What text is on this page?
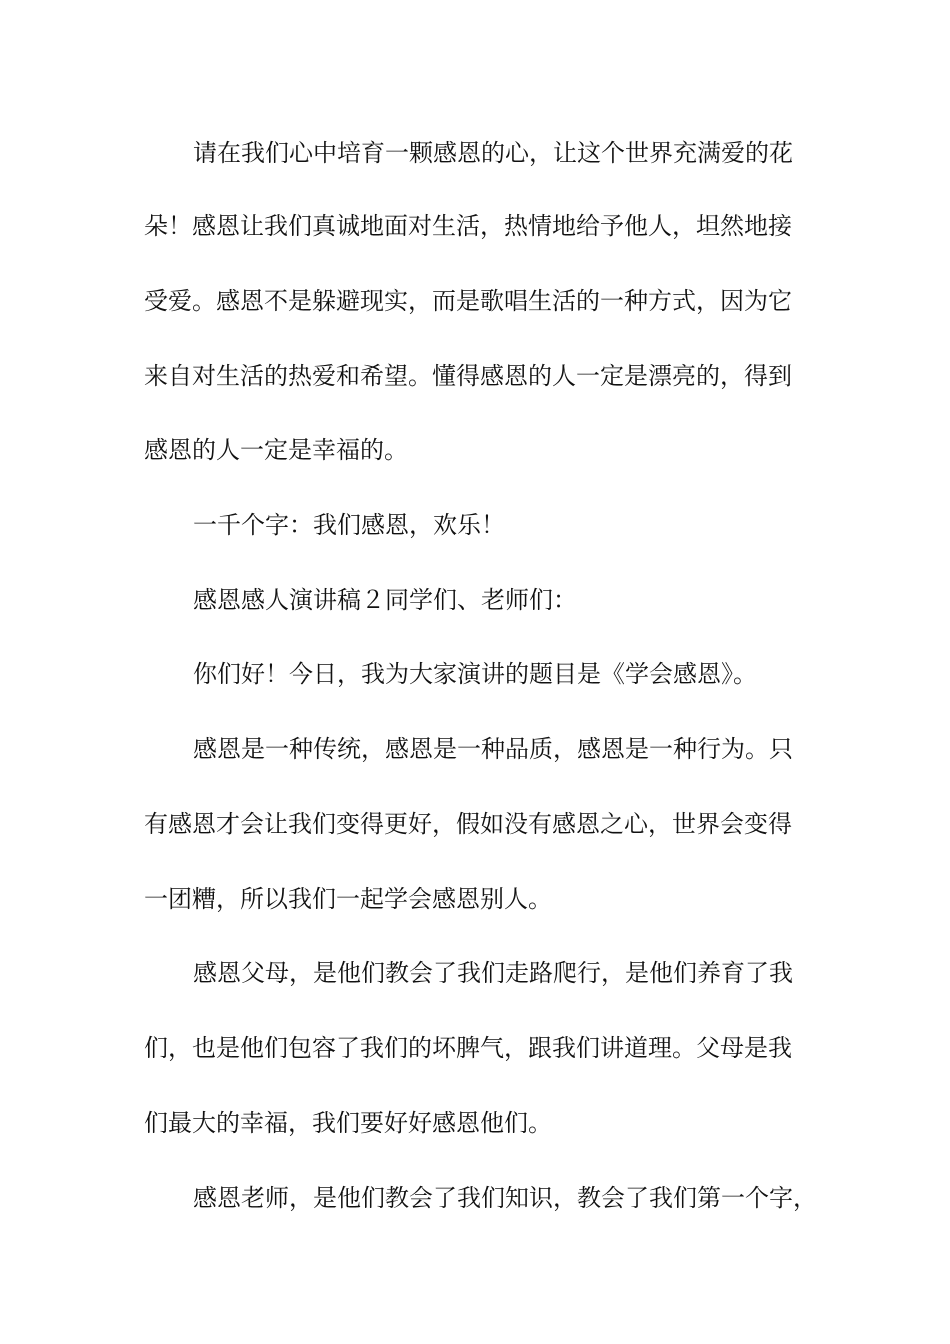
请在我们心中培育一颗感恩的心，让这个世界充满爱的花
朵！感恩让我们真诚地面对生活，热情地给予他人，坦然地接
受爱。感恩不是躲避现实，而是歌唱生活的一种方式，因为它
来自对生活的热爱和希望。懂得感恩的人一定是漂亮的，得到
感恩的人一定是幸福的。
一千个字：我们感恩，欢乐！
感恩感人演讲稿２同学们、老师们：
你们好！今日，我为大家演讲的题目是《学会感恩》。
感恩是一种传统，感恩是一种品质，感恩是一种行为。只
有感恩才会让我们变得更好，假如没有感恩之心，世界会变得
一团糟，所以我们一起学会感恩别人。
感恩父母，是他们教会了我们走路爬行，是他们养育了我
们，也是他们包容了我们的坏脾气，跟我们讲道理。父母是我
们最大的幸福，我们要好好感恩他们。
感恩老师，是他们教会了我们知识，教会了我们第一个字，
